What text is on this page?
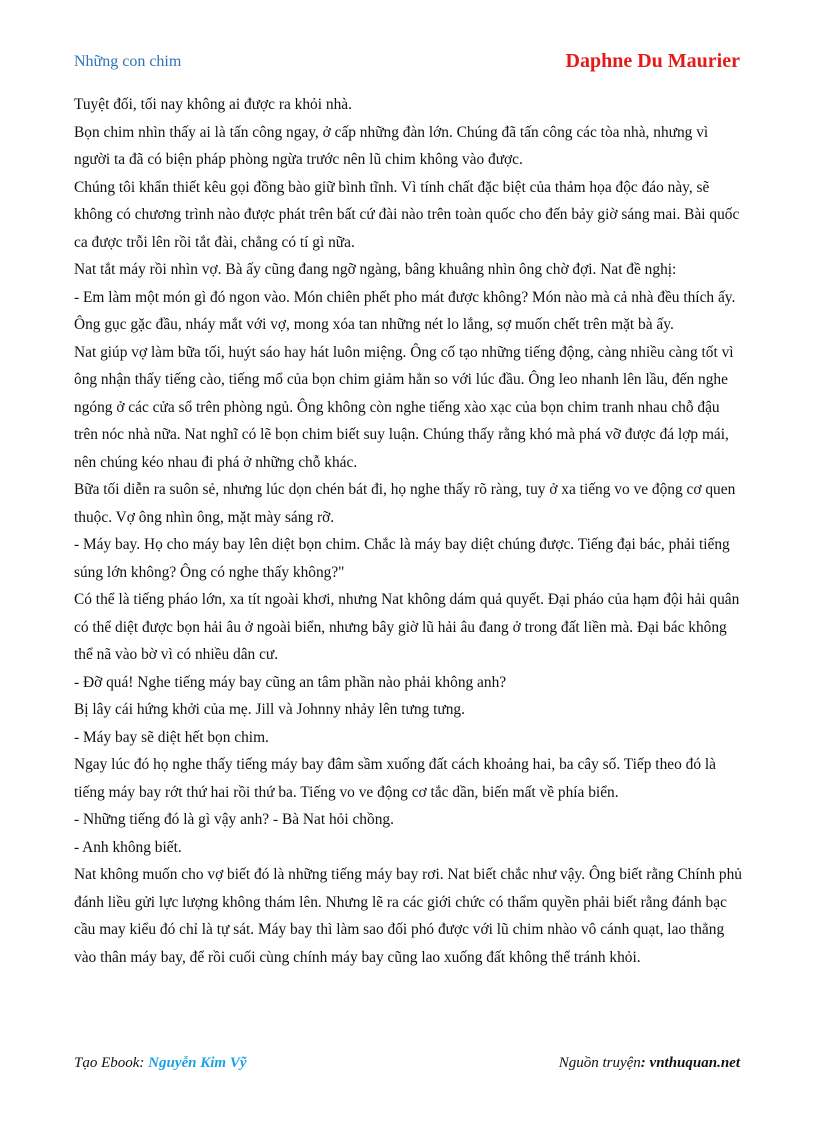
Những con chim	Daphne Du Maurier

Tuyệt đối, tối nay không ai được ra khỏi nhà.

Bọn chim nhìn thấy ai là tấn công ngay, ở cấp những đàn lớn. Chúng đã tấn công các tòa nhà, nhưng vì người ta đã có biện pháp phòng ngừa trước nên lũ chim không vào được.

Chúng tôi khẩn thiết kêu gọi đồng bào giữ bình tĩnh. Vì tính chất đặc biệt của thảm họa độc đáo này, sẽ không có chương trình nào được phát trên bất cứ đài nào trên toàn quốc cho đến bảy giờ sáng mai. Bài quốc ca được trỗi lên rồi tắt đài, chẳng có tí gì nữa.

Nat tắt máy rồi nhìn vợ. Bà ấy cũng đang ngỡ ngàng, bâng khuâng nhìn ông chờ đợi. Nat đề nghị:

- Em làm một món gì đó ngon vào. Món chiên phết pho mát được không? Món nào mà cả nhà đều thích ấy.

Ông gục gặc đầu, nháy mắt với vợ, mong xóa tan những nét lo lắng, sợ muốn chết trên mặt bà ấy.

Nat giúp vợ làm bữa tối, huýt sáo hay hát luôn miệng. Ông cố tạo những tiếng động, càng nhiều càng tốt vì ông nhận thấy tiếng cào, tiếng mổ của bọn chim giảm hẳn so với lúc đầu. Ông leo nhanh lên lầu, đến nghe ngóng ở các cửa sổ trên phòng ngủ. Ông không còn nghe tiếng xào xạc của bọn chim tranh nhau chỗ đậu trên nóc nhà nữa. Nat nghĩ có lẽ bọn chim biết suy luận. Chúng thấy rằng khó mà phá vỡ được đá lợp mái, nên chúng kéo nhau đi phá ở những chỗ khác.

Bữa tối diễn ra suôn sẻ, nhưng lúc dọn chén bát đi, họ nghe thấy rõ ràng, tuy ở xa tiếng vo ve động cơ quen thuộc. Vợ ông nhìn ông, mặt mày sáng rỡ.

- Máy bay. Họ cho máy bay lên diệt bọn chim. Chắc là máy bay diệt chúng được. Tiếng đại bác, phải tiếng súng lớn không? Ông có nghe thấy không?"

Có thể là tiếng pháo lớn, xa tít ngoài khơi, nhưng Nat không dám quả quyết. Đại pháo của hạm đội hải quân có thể diệt được bọn hải âu ở ngoài biển, nhưng bây giờ lũ hải âu đang ở trong đất liền mà. Đại bác không thể nã vào bờ vì có nhiều dân cư.

- Đỡ quá! Nghe tiếng máy bay cũng an tâm phần nào phải không anh?

Bị lây cái hứng khởi của mẹ. Jill và Johnny nhảy lên tưng tưng.

- Máy bay sẽ diệt hết bọn chim.

Ngay lúc đó họ nghe thấy tiếng máy bay đâm sầm xuống đất cách khoảng hai, ba cây số. Tiếp theo đó là tiếng máy bay rớt thứ hai rồi thứ ba. Tiếng vo ve động cơ tắc dần, biến mất về phía biển.

- Những tiếng đó là gì vậy anh? - Bà Nat hỏi chồng.

- Anh không biết.

Nat không muốn cho vợ biết đó là những tiếng máy bay rơi. Nat biết chắc như vậy. Ông biết rằng Chính phủ đánh liều gửi lực lượng không thám lên. Nhưng lẽ ra các giới chức có thẩm quyền phải biết rằng đánh bạc cầu may kiểu đó chỉ là tự sát. Máy bay thì làm sao đối phó được với lũ chim nhào vô cánh quạt, lao thẳng vào thân máy bay, để rồi cuối cùng chính máy bay cũng lao xuống đất không thể tránh khỏi.

Tạo Ebook: Nguyễn Kim Vỹ	Nguồn truyện: vnthuquan.net
